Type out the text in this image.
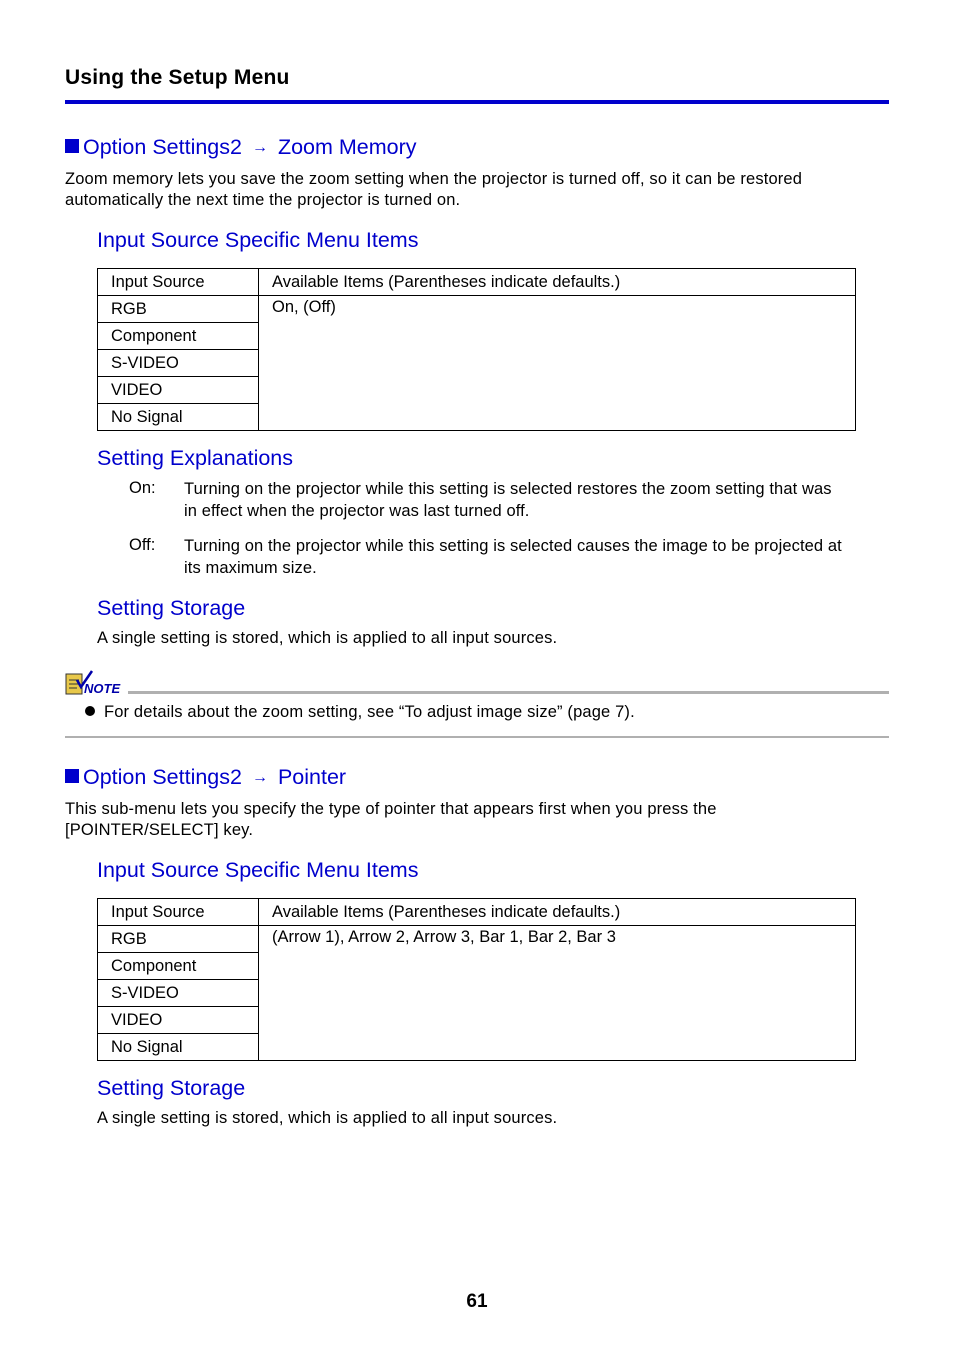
Using the Setup Menu
Option Settings2 → Zoom Memory
Zoom memory lets you save the zoom setting when the projector is turned off, so it can be restored automatically the next time the projector is turned on.
Input Source Specific Menu Items
Input Source	Available Items (Parentheses indicate defaults.)
RGB	On, (Off)
Component	
S-VIDEO	
VIDEO	
No Signal	
Setting Explanations
On: Turning on the projector while this setting is selected restores the zoom setting that was in effect when the projector was last turned off.
Off: Turning on the projector while this setting is selected causes the image to be projected at its maximum size.
Setting Storage
A single setting is stored, which is applied to all input sources.
NOTE
For details about the zoom setting, see “To adjust image size” (page 7).
Option Settings2 → Pointer
This sub-menu lets you specify the type of pointer that appears first when you press the [POINTER/SELECT] key.
Input Source Specific Menu Items
Input Source	Available Items (Parentheses indicate defaults.)
RGB	(Arrow 1), Arrow 2, Arrow 3, Bar 1, Bar 2, Bar 3
Component	
S-VIDEO	
VIDEO	
No Signal	
Setting Storage
A single setting is stored, which is applied to all input sources.
61
